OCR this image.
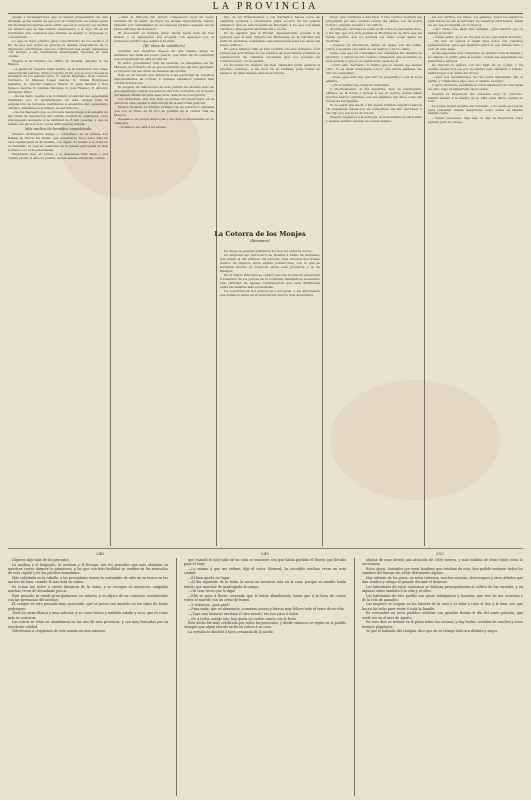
LA PROVINCIA

quejas y reclamaciones que se vienen presentando en este Alcaldía, se ha venido de que por el Consistorio se tomen todas las medidas necesarias para evitar que en lo sucesivo se repitan los abusos que se han venido observando, y á cuyo fin se ha nombrado una comisión que estudie el asunto y proponga lo conveniente.

Lo que se hace público para conocimiento de los vecinos, á fin de que por todos se guarde la debida observancia de lo dispuesto, advirtiendo que los contraventores serán castigados con arreglo á las ordenanzas municipales vigentes en esta ciudad.

Huelva 9 de Febrero de 1893.—El Alcalde, Antonio G. de Ramos.

—A pesar de nuestra mala suerte en la formación del censo electoral del partido, hemos logrado al fin que se nos conceda la inclusión de los señores Sres. D. Adolfo Bejarano, Sres. Isidoro Carrasco, D. Manuel López Garcia, D. Tomás Rodríguez Gallardo, D. Antonio Campos Rivera, D. Juan Benítez y Don Ignacio García, D. Antonio Vázquez, D. José Rivera y D. Antonio Gutiérrez Vélez.

—Se ha dado cuenta á la Comisión provincial del expediente tramitado por el Ayuntamiento de esta ciudad para la adquisición de terrenos destinados á ensanche del cementerio católico, habiéndose acordado su aprobación.

—Se ha dispuesto que se proceda desde luego á la subasta de las obras de reparación del camino vecinal de Aljaraque, cuyo presupuesto asciende á la cantidad de 3.240 pesetas, y que se señale día para el acto con la anticipación debida.

Más noches de benéfico espectáculo

Nuestro distinguido amigo y compañero en la prensa don Rafael de Nieva, ha tenido que ausentarse hace unos días de esta capital para la de Sevilla, con objeto de asistir á la boda de su hermano, la cual se celebrará en la iglesia parroquial de San Lorenzo con toda solemnidad.

Regresará muy en breve, y le deseamos feliz viaje y que vuelva pronto á este su pueblo, donde tantas simpatías cuenta.

—Ante el tribunal del jurado compareció ayer un joven acusado de un delito de hurto de escasa importancia, siendo absuelto por unanimidad de los señores jurados después de un breve informe del defensor.

El procesado se hallaba preso desde hacía más de tres meses, y su absolución fué acogida con aplausos por el numeroso público que asistía á la vista.

(El, alma de caballero)

Grandes son nuestros deseos de que cuanto antes se terminen las obras del nuevo puerto, que tanto ha de contribuir á la prosperidad de esta provincia.

El señor gobernador civil ha recibido un telegrama del Sr. Ministro de Fomento en el que le anuncia que ha sido aprobado el proyecto de las obras de defensa del muelle.

Este es un triunfo que debemos á las gestiones de nuestros representantes en Cortes, á quienes enviamos nuestra más cordial felicitación.

El juzgado de instrucción de este partido ha dictado auto de procesamiento contra los autores del robo cometido en la noche del sábado último en una casa de la calle de la Concepción.

Los detenidos, que son tres, se hallan incomunicados en la cárcel de esta capital á disposición de la autoridad judicial.

Hemos recibido el número primero de un periódico semanal que con el título de El Eco se publica en la vecina villa de Moguer.

Deseamos al colega larga vida y muchas prosperidades en su campaña.

—Hombre, eso ellá á mi abuelo.

hijo de los Franciscanos y sus hermanos hacen votos de castidad, pobreza y obediencia, para socorro de los pobres enfermos que en este hospital se albergan, á los que con tanta caridad y abnegación atienden día y noche.

Es de esperar que el Excmo. Ayuntamiento acceda á la petición que le han dirigido las Hermanas de la Caridad del Asilo de Ancianos, solicitando una subvención para las obras del nuevo edificio.

En estos últimos días se han recibido en este Gobierno civil numerosas solicitudes de los pueblos de la provincia pidiendo la construcción de caminos vecinales que los pongan en comunicación con la capital.

La Sociedad de Amigos del País celebrará junta general el próximo domingo, á las doce de la mañana, para tratar de asuntos de gran interés para la provincia.

La Cotorra de los Monjes
(Romance)

Se ruega la puntual asistencia á todos los señores socios.

La empresa del ferrocarril de Huelva á Zafra ha dispuesto que desde el día primero del próximo mes circulen dos trenes diarios de viajeros entre ambas poblaciones, con lo que se facilitará mucho el comercio entre esta provincia y la de Badajoz.

En el Teatro Principal se celebró anoche la función anunciada á beneficio de los pobres de la localidad, habiéndose recaudado una cantidad de alguna consideración que será distribuida entre las familias más necesitadas.

La concurrencia fué numerosa y escogida, y los aficionados que tomaron parte en el espectáculo fueron muy aplaudidos.

tengo que contárles á mis hijos. Y mis vecinos siempre me preguntan por ello, cuando vuelvo del campo con mi pobre borrico cargado de leña y de carbón.

Al principio del viaje le conté al Sr. Cura lo que había visto, y me dijo que era muy grande la Providencia de Dios que así había querido que yo pudiera ver tales cosas antes de morirme.

—Cuando ya anochecía, dando un paseo por las calles, vimos á la gente que salía de los teatros y de los cafés.

Cada cosa que mi compañero me enseñaba me llenaba de asombro, y entonces fué cuando comprendí que el mundo es muy grande y que yo no había visto nada de él.

—Todo esto, hermano, lo mismo que lo demás que habéis visto, no es nada comparado con lo que veréis mañana, me dijo mi compañero.

—Pues ¿qué más hay que ver? le pregunté yo con la boca abierta.

—¡Ya lo veréis! me contestó sonriendo.

Y efectivamente, al día siguiente, muy de madrugada, salimos de la fonda y fuimos á ver el puerto, donde había muchos barcos grandes, con sus mástiles tan altos como las torres de las iglesias.

Yo no sabía qué decir, y me quedé mirando aquellos barcos sin pestañear, hasta que mi compañero me tiró del brazo y me dijo que era hora de volver.

Cuando llegamos á la estación, el tren estaba ya para salir, y apenas tuvimos tiempo de tomar asiento.

tes los cariños, los niños, los galanes, todos los senderos para hacer de mi la felicidad de nuestros infortunios. Nada de eso me acompaña por lo menos.

—Ay!, dicho una hada muy afligida, ¿qué tendré? ¿no os habéis al revés?

—Nada, señor, no lo sé. En qué es eso que estáis diciendo.

—Es que os vamos á dejar aquí solos con vuestros pensamientos, para que meditéis sobre lo que habéis visto y oído en este viaje.

Al día siguiente muy temprano, se levantó toda la familia y se dispuso á partir para el pueblo, donde les esperaban sus parientes y amigos.

Se marchó la señora con sus hijas en un coche, y los demás siguieron á pie por el camino real, cantando y riendo, hasta llegar á la venta del Cruce.

—Aquí nos detendremos un rato para descansar, dijo el padre, y tomaremos algo, que el camino es largo.

Y así lo hicieron, sentándose todos alrededor de una mesa de pino, bajo el emparrado de la venta.

Cuando la Superiora del convento supo lo ocurrido, mandó llamar á la madre de la niña para darle cuenta de todo.

La pobre mujer lloraba sin consuelo, y no sabía qué hacer para remediar tantas desgracias como sobre su familia habían caído.

—Tened paciencia, hija mía, le dijo la Superiora; Dios aprieta pero no ahoga.

248	249	252

Dígnese algo más de los pescados.

La sardina y el lenguado, la merluza y el besugo, son los pescados que más abundan en nuestras costas durante la primavera, y los que con más facilidad se venden en los mercados de esta capital y de los pueblos inmediatos.

Más solicitada es la caballa, y los pescadores tienen la costumbre de salir en su busca en las noches de luna, cuando el mar está en calma.

Se echan las redes á cierta distancia de la costa, y se recogen al amanecer, cargadas muchas veces de abundante pesca.

Este pescado se vende principalmente en salazón, y es objeto de un comercio considerable con las provincias del interior.

El congrio es otro pescado muy apreciado, que se pesca con anzuelo en los sitios de fondo pedregoso.

Tiene la carne blanca y muy sabrosa, y se come fresco y también salado y seco, que es como más se conserva.

Las ostras se crían en abundancia en las rías de esta provincia, y son muy buscadas por su excelente calidad.

Volveremos á ocuparnos de este asunto en otro número.

que cuando le tocó salir de su casa se encontró con que había perdido el dinero que llevaba para el viaje.

—Lo mismo á que me refiero, dijo el señor Monreal, ha sucedido muchas veces en esta ciudad.

—El bien queda en lugar.

—Al día siguiente de la boda, la novia se encontró sola en la casa, porque su marido había tenido que marchar de madrugada al campo.

—Oh cien veces que lo diga!

—Ella se puso á llorar, creyendo que la había abandonado, hasta que á la hora de comer volvió el marido con un cesto de frutas.

—Y entonces, ¿qué pasó?

—Pues nada; que se abrazaron, comieron juntos y fueron muy felices todo el resto de su vida.

—¡Vaya una historia! exclamó el otro riendo; eso nos pasa á todos.

—No á todos, amigo mío; hay quien no vuelve nunca con la fruta.

Este dicho fué muy celebrado por todos los presentes, y desde entonces se repite en el pueblo siempre que algún marido tarda en volver á su casa.

La tertulia se disolvió á hora avanzada de la noche.

alguna de esas tierras una atención de 3000 metros, y más todavía de otras tanto como lo necesitase.

Estos pinos, formados por unos hombres que estaban de ocio, han podido sostener todos los cambios del tiempo sin sufrir detrimento alguno.

Hay además de los pinos, en estos terrenos, muchas encinas, alcornoques y otros árboles que dan sombra y abrigo al ganado durante el invierno.

Los labradores de estos contornos se dedican principalmente al cultivo de los cereales, y en algunos sitios también á la viña y al olivo.

Los habitantes de este pueblo son gente trabajadora y honrada, que vive de sus cosechas y de la cría de ganados.

Las mujeres se ocupan en las labores de la casa y en hilar y tejer el lino y la lana, con que hacen las telas para vestir á toda la familia.

Es costumbre en estos pueblos celebrar con grandes fiestas el día del santo patrono, que suele ser en el mes de Agosto.

En esos días se reúnen en la plaza todos los vecinos, y hay bailes, corridas de novillos y otros festejos populares.

Ya que le hablado del cholgón, dice que en su tiempo todo era distinto y mejor.
